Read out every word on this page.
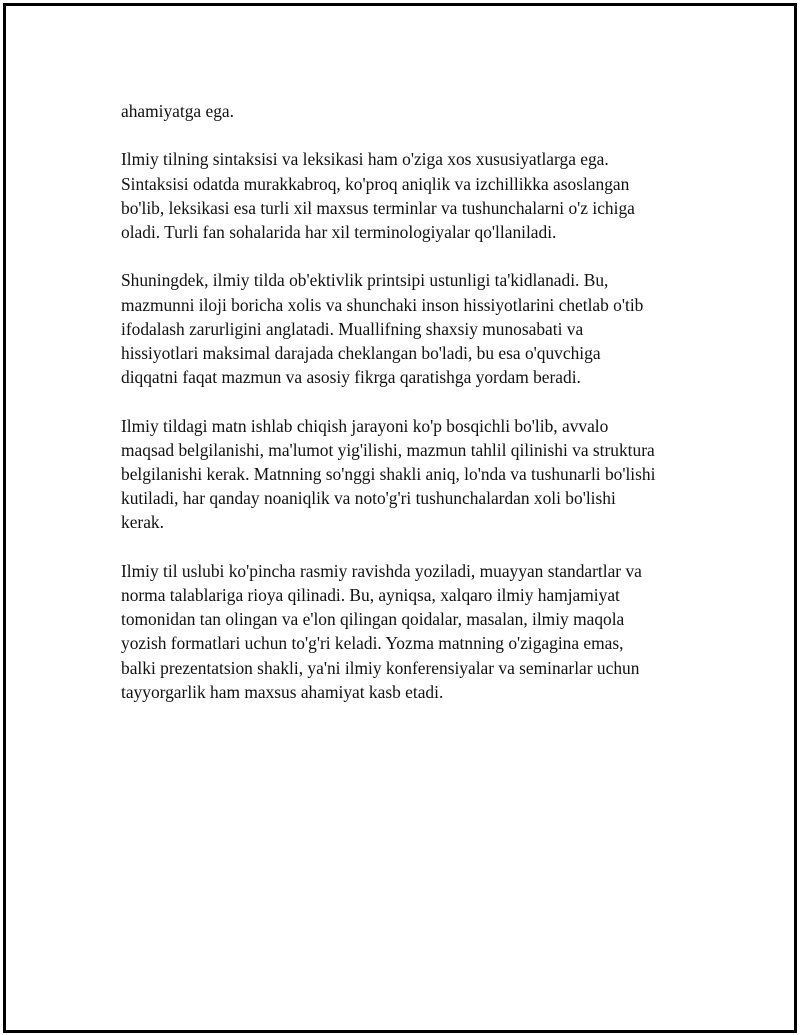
ahamiyatga ega.

Ilmiy tilning sintaksisi va leksikasi ham o'ziga xos xususiyatlarga ega.
Sintaksisi odatda murakkabroq, ko'proq aniqlik va izchillikka asoslangan
bo'lib, leksikasi esa turli xil maxsus terminlar va tushunchalarni o'z ichiga
oladi. Turli fan sohalarida har xil terminologiyalar qo'llaniladi.

Shuningdek, ilmiy tilda ob'ektivlik printsipi ustunligi ta'kidlanadi. Bu,
mazmunni iloji boricha xolis va shunchaki inson hissiyotlarini chetlab o'tib
ifodalash zarurligini anglatadi. Muallifning shaxsiy munosabati va
hissiyotlari maksimal darajada cheklangan bo'ladi, bu esa o'quvchiga
diqqatni faqat mazmun va asosiy fikrga qaratishga yordam beradi.

Ilmiy tildagi matn ishlab chiqish jarayoni ko'p bosqichli bo'lib, avvalo
maqsad belgilanishi, ma'lumot yig'ilishi, mazmun tahlil qilinishi va struktura
belgilanishi kerak. Matnning so'nggi shakli aniq, lo'nda va tushunarli bo'lishi
kutiladi, har qanday noaniqlik va noto'g'ri tushunchalardan xoli bo'lishi
kerak.

Ilmiy til uslubi ko'pincha rasmiy ravishda yoziladi, muayyan standartlar va
norma talablariga rioya qilinadi. Bu, ayniqsa, xalqaro ilmiy hamjamiyat
tomonidan tan olingan va e'lon qilingan qoidalar, masalan, ilmiy maqola
yozish formatlari uchun to'g'ri keladi. Yozma matnning o'zigagina emas,
balki prezentatsion shakli, ya'ni ilmiy konferensiyalar va seminarlar uchun
tayyorgarlik ham maxsus ahamiyat kasb etadi.
